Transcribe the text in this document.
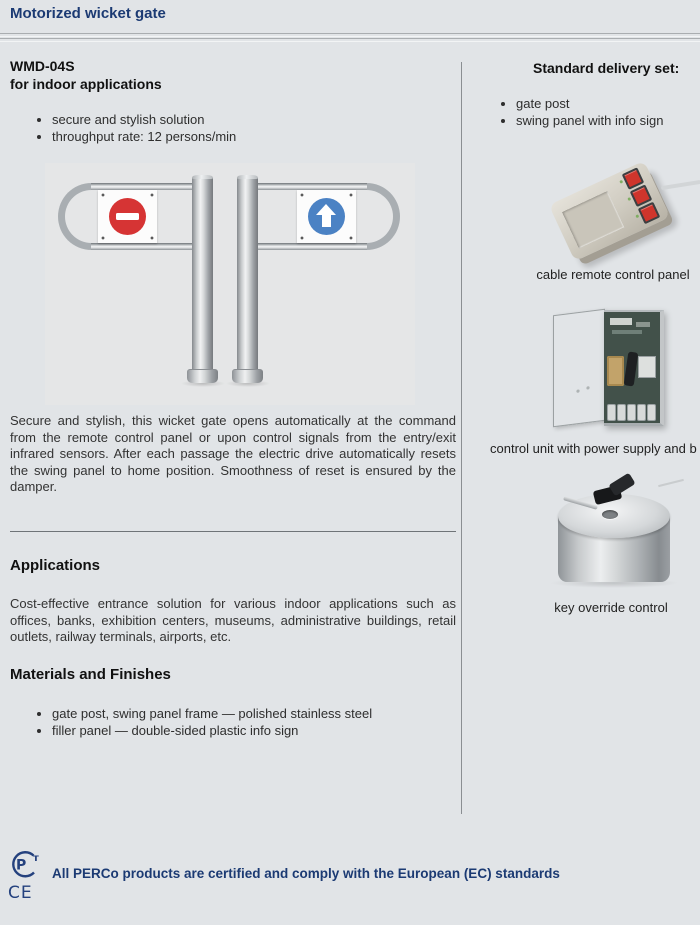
Motorized wicket gate
WMD-04S
for indoor applications
• secure and stylish solution
• throughput rate: 12 persons/min
Secure and stylish, this wicket gate opens automatically at the command from the remote control panel or upon control signals from the entry/exit infrared sensors. After each passage the electric drive automatically resets the swing panel to home position. Smoothness of reset is ensured by the damper.
Applications
Cost-effective entrance solution for various indoor applications such as offices, banks, exhibition centers, museums, administrative buildings, retail outlets, railway terminals, airports, etc.
Materials and Finishes
• gate post, swing panel frame — polished stainless steel
• filler panel — double-sided plastic info sign
Standard delivery set:
• gate post
• swing panel with info sign
cable remote control panel
control unit with power supply and b
key override control
P т
CE
All PERCo products are certified and comply with the European (EC) standards
